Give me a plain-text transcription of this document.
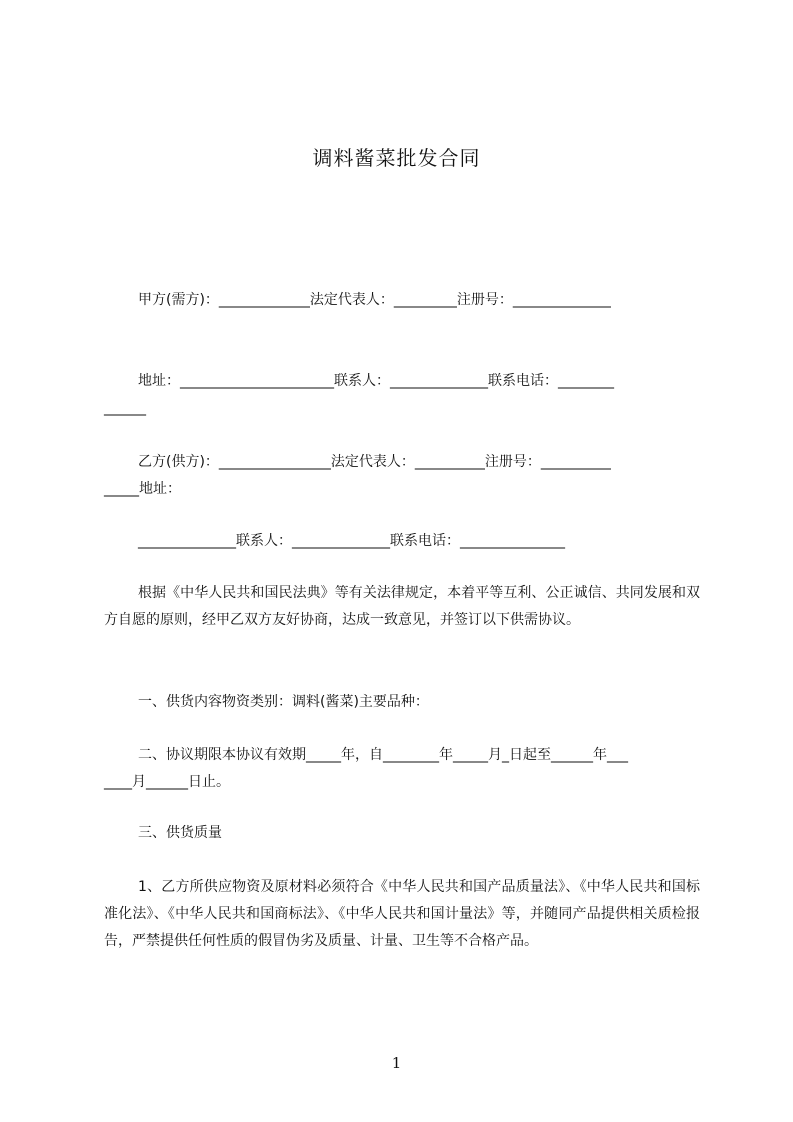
调料酱菜批发合同
甲方(需方)：_____________法定代表人：_________注册号：______________
地址：______________________联系人：______________联系电话：________
______
乙方(供方)：________________法定代表人：__________注册号：__________
_____地址：
______________联系人：______________联系电话：_______________
根据《中华人民共和国民法典》等有关法律规定，本着平等互利、公正诚信、共同发展和双方自愿的原则，经甲乙双方友好协商，达成一致意见，并签订以下供需协议。
一、供货内容物资类别：调料(酱菜)主要品种：
二、协议期限本协议有效期_____年，自________年_____月_日起至______年___
____月______日止。
三、供货质量
1、乙方所供应物资及原材料必须符合《中华人民共和国产品质量法》、《中华人民共和国标准化法》、《中华人民共和国商标法》、《中华人民共和国计量法》等，并随同产品提供相关质检报告，严禁提供任何性质的假冒伪劣及质量、计量、卫生等不合格产品。
1
